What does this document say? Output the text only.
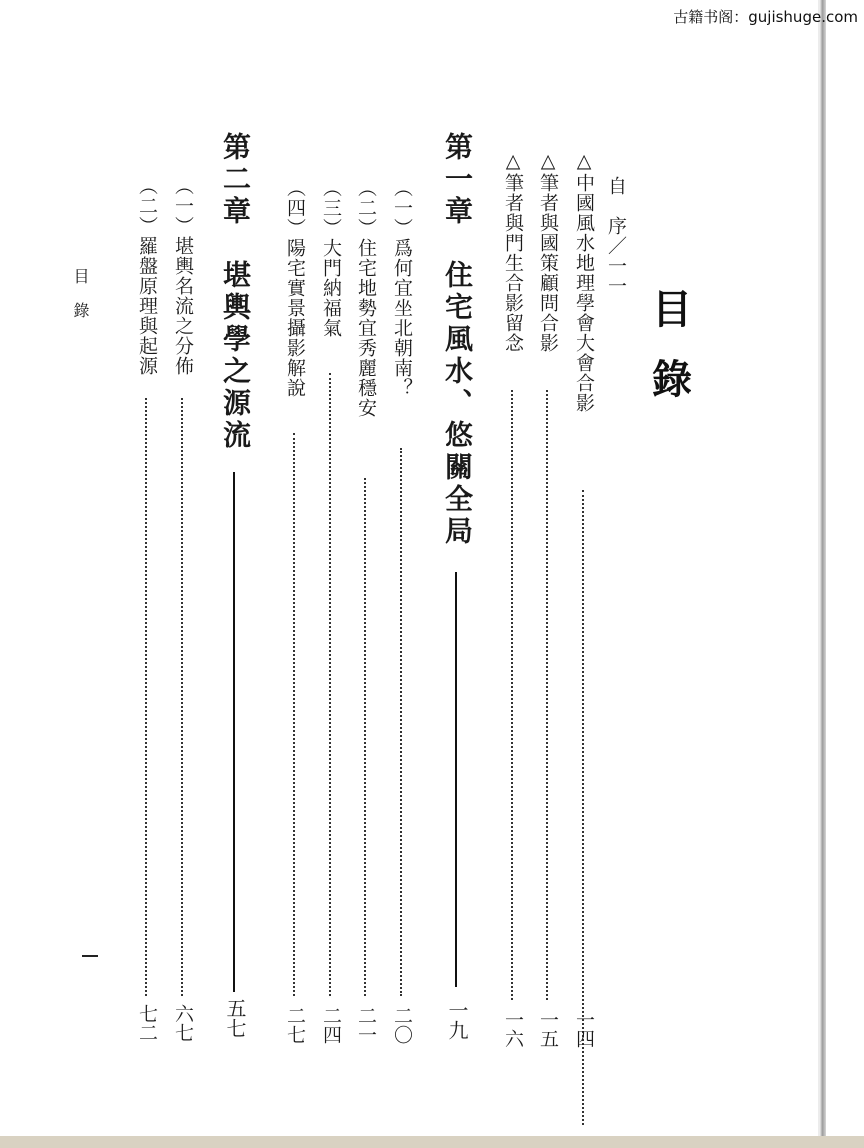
古籍书阁：gujishuge.com
目
錄
自　序／一一
△中國風水地理學會大會合影
一四
△筆者與國策顧問合影
一五
△筆者與門生合影留念
一六
第一章　住宅風水、悠關全局
一九
（一）爲何宜坐北朝南？
二〇
（二）住宅地勢宜秀麗穩安
二一
（三）大門納福氣
二四
（四）陽宅實景攝影解說
二七
第二章　堪輿學之源流
五七
（一）堪輿名流之分佈
六七
（二）羅盤原理與起源
七二
目錄
